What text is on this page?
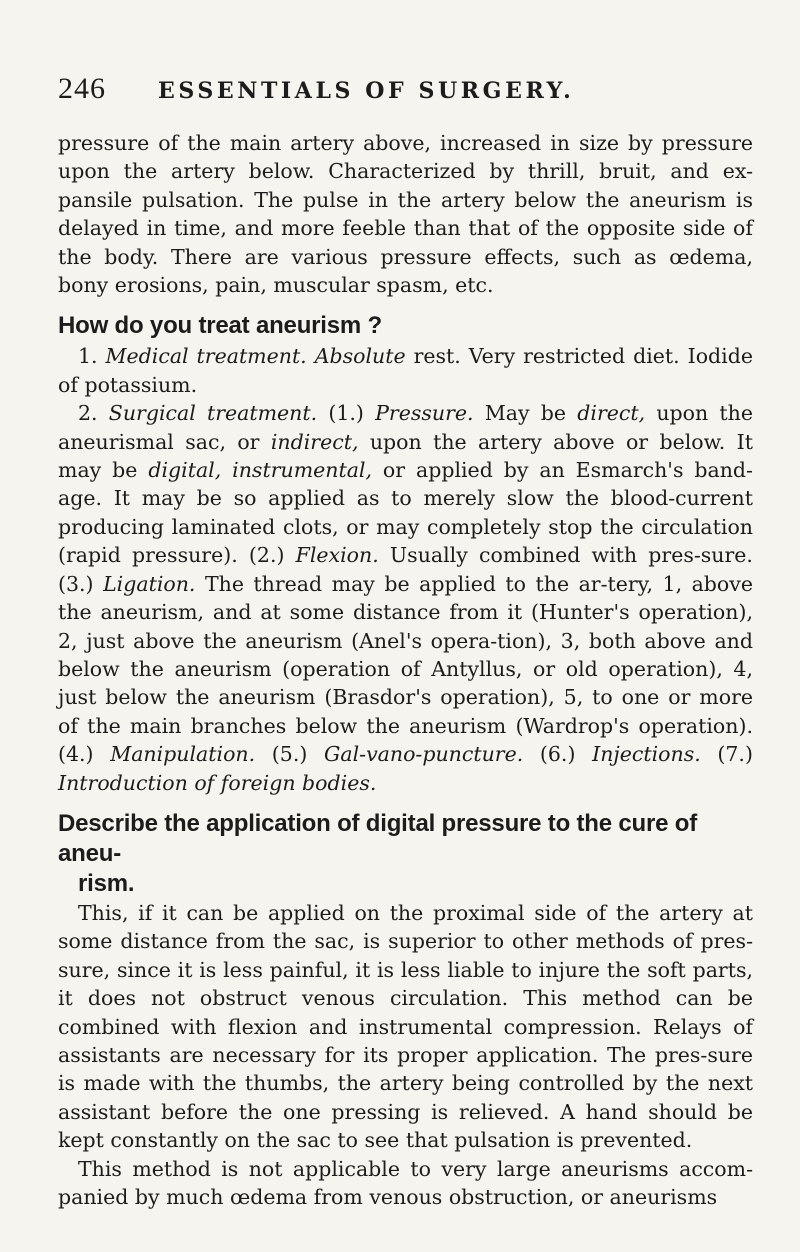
246	ESSENTIALS OF SURGERY.

pressure of the main artery above, increased in size by pressure upon the artery below. Characterized by thrill, bruit, and ex-pansile pulsation. The pulse in the artery below the aneurism is delayed in time, and more feeble than that of the opposite side of the body. There are various pressure effects, such as œdema, bony erosions, pain, muscular spasm, etc.

How do you treat aneurism ?

1. Medical treatment. Absolute rest. Very restricted diet. Iodide of potassium.

2. Surgical treatment. (1.) Pressure. May be direct, upon the aneurismal sac, or indirect, upon the artery above or below. It may be digital, instrumental, or applied by an Esmarch's band-age. It may be so applied as to merely slow the blood-current producing laminated clots, or may completely stop the circulation (rapid pressure). (2.) Flexion. Usually combined with pres-sure. (3.) Ligation. The thread may be applied to the ar-tery, 1, above the aneurism, and at some distance from it (Hunter's operation), 2, just above the aneurism (Anel's opera-tion), 3, both above and below the aneurism (operation of Antyllus, or old operation), 4, just below the aneurism (Brasdor's operation), 5, to one or more of the main branches below the aneurism (Wardrop's operation). (4.) Manipulation. (5.) Gal-vano-puncture. (6.) Injections. (7.) Introduction of foreign bodies.

Describe the application of digital pressure to the cure of aneu-
rism.

This, if it can be applied on the proximal side of the artery at some distance from the sac, is superior to other methods of pres-sure, since it is less painful, it is less liable to injure the soft parts, it does not obstruct venous circulation. This method can be combined with flexion and instrumental compression. Relays of assistants are necessary for its proper application. The pres-sure is made with the thumbs, the artery being controlled by the next assistant before the one pressing is relieved. A hand should be kept constantly on the sac to see that pulsation is prevented.

This method is not applicable to very large aneurisms accom-panied by much œdema from venous obstruction, or aneurisms
